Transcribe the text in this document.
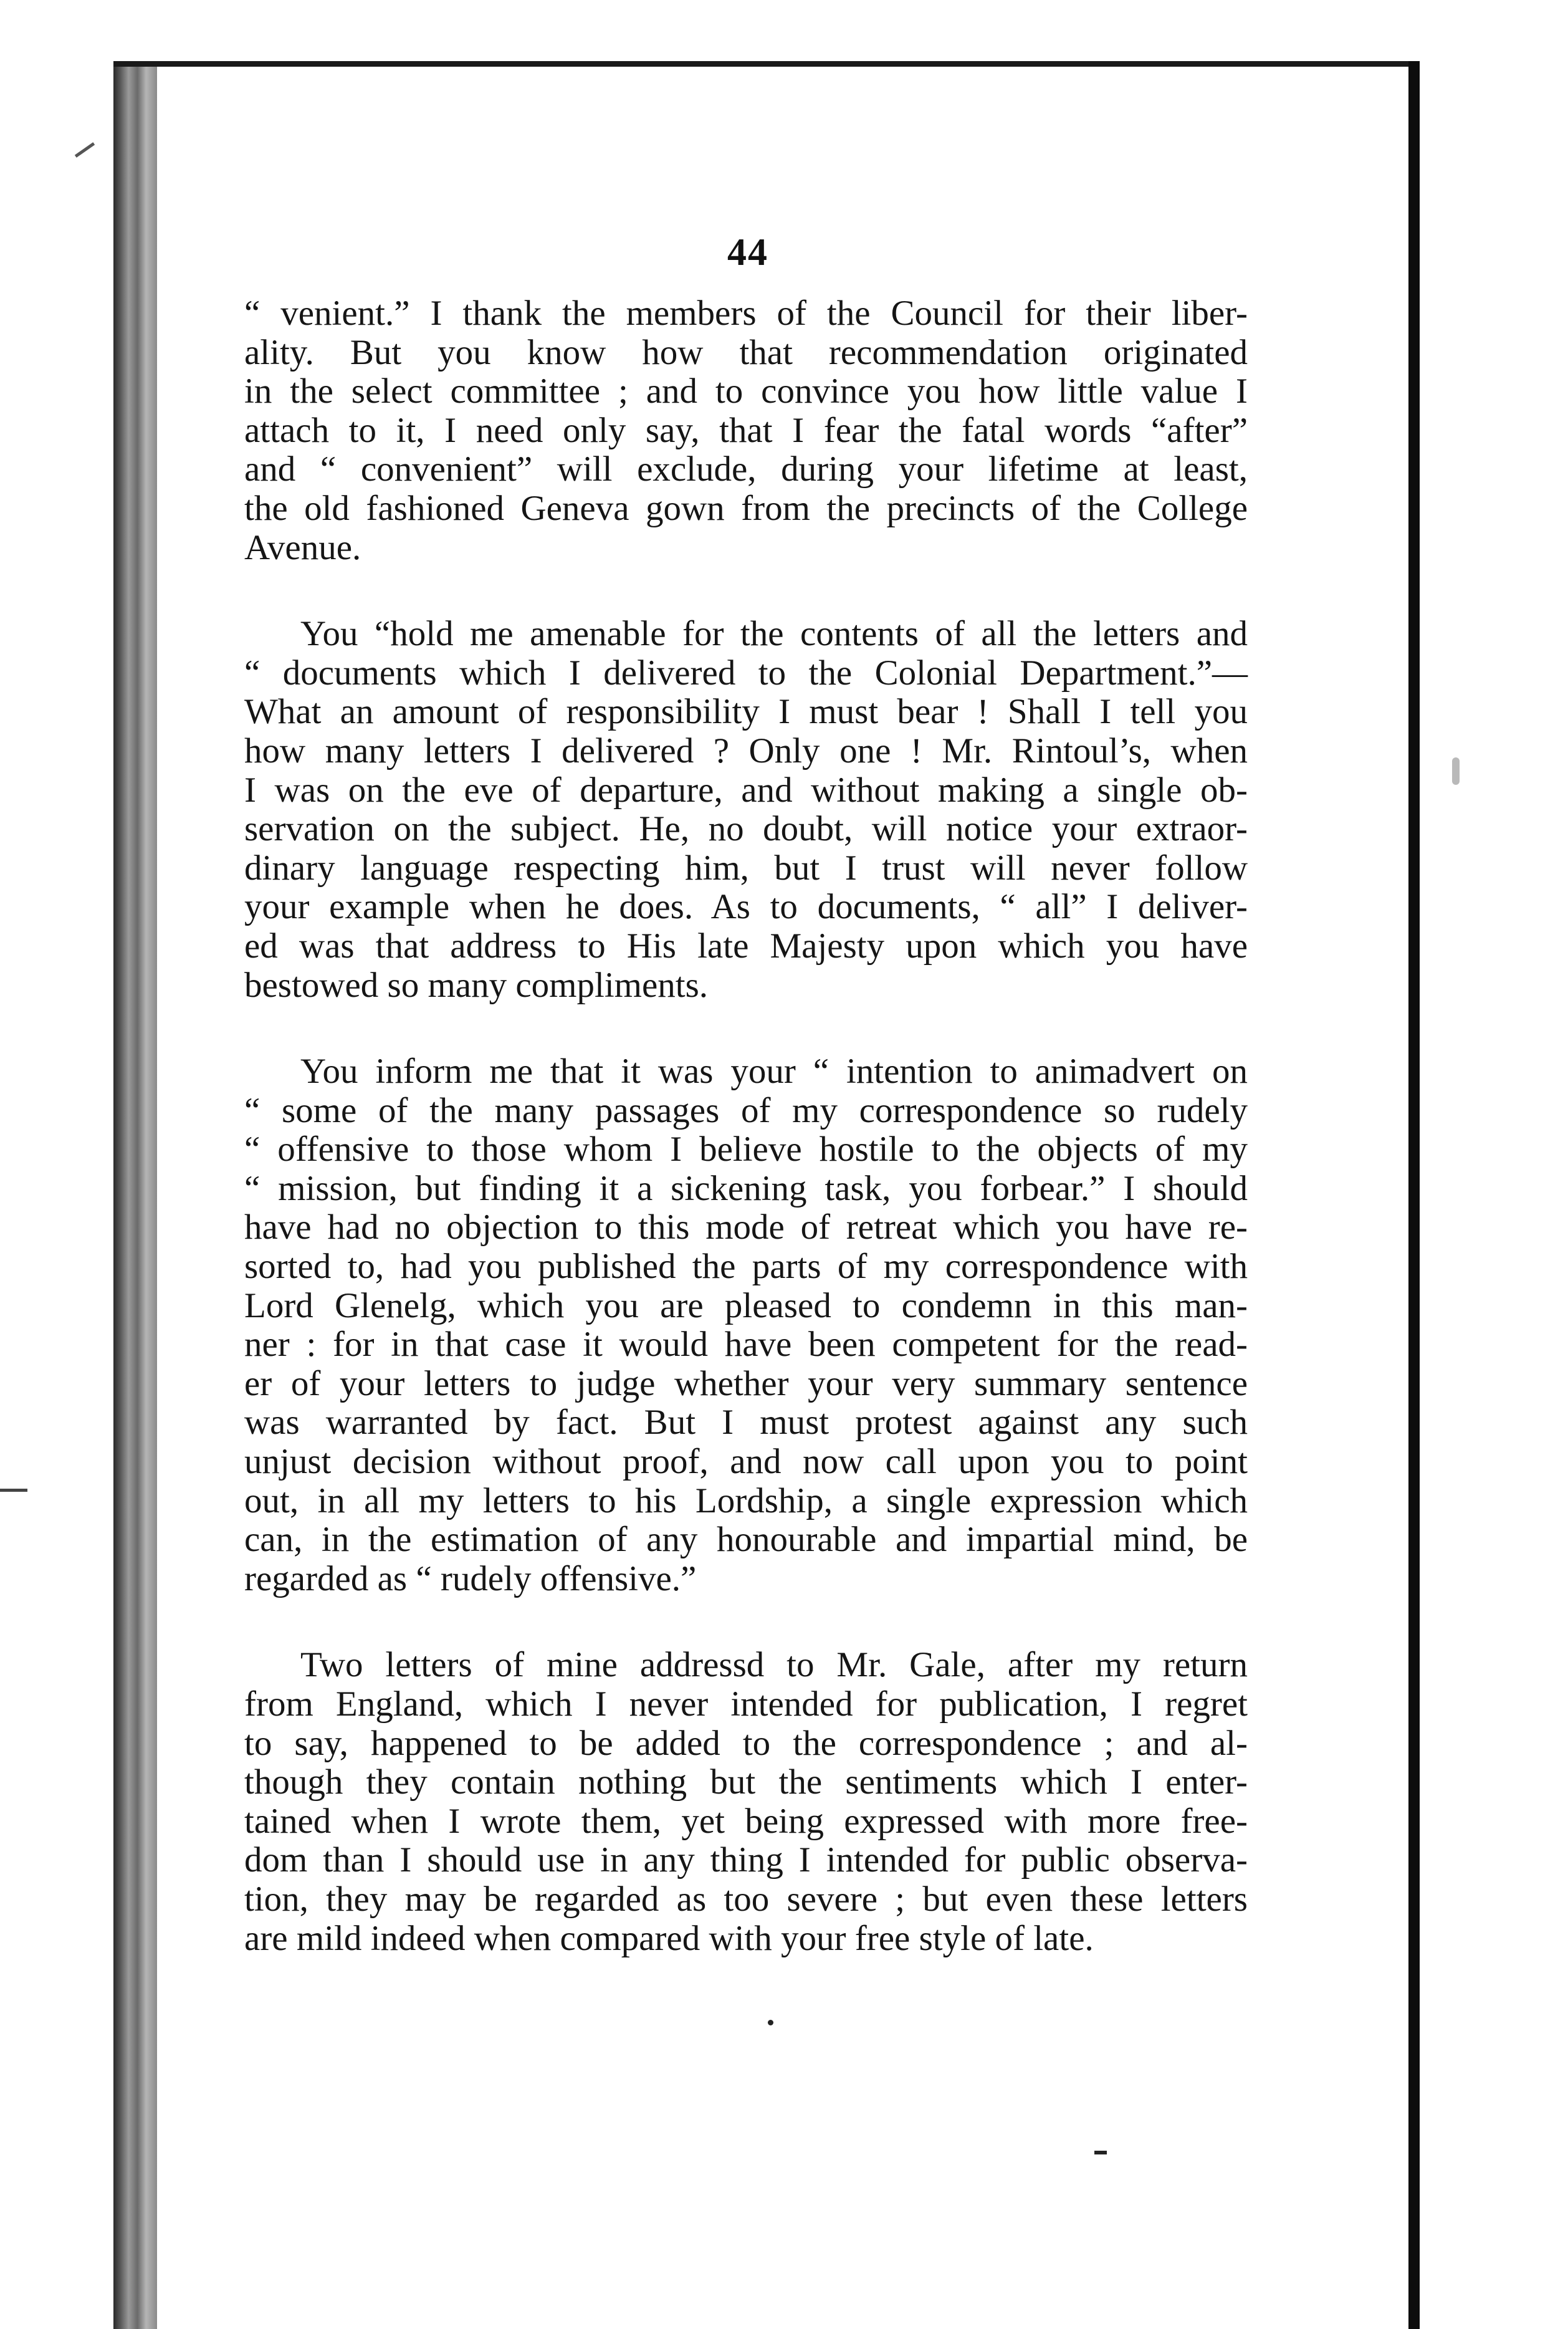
44
“ venient.” I thank the members of the Council for their liber-
ality. But you know how that recommendation originated
in the select committee ; and to convince you how little value I
attach to it, I need only say, that I fear the fatal words “after”
and “ convenient” will exclude, during your lifetime at least,
the old fashioned Geneva gown from the precincts of the College
Avenue.
You “hold me amenable for the contents of all the letters and
“ documents which I delivered to the Colonial Department.”—
What an amount of responsibility I must bear ! Shall I tell you
how many letters I delivered ? Only one ! Mr. Rintoul’s, when
I was on the eve of departure, and without making a single ob-
servation on the subject. He, no doubt, will notice your extraor-
dinary language respecting him, but I trust will never follow
your example when he does. As to documents, “ all” I deliver-
ed was that address to His late Majesty upon which you have
bestowed so many compliments.
You inform me that it was your “ intention to animadvert on
“ some of the many passages of my correspondence so rudely
“ offensive to those whom I believe hostile to the objects of my
“ mission, but finding it a sickening task, you forbear.” I should
have had no objection to this mode of retreat which you have re-
sorted to, had you published the parts of my correspondence with
Lord Glenelg, which you are pleased to condemn in this man-
ner : for in that case it would have been competent for the read-
er of your letters to judge whether your very summary sentence
was warranted by fact. But I must protest against any such
unjust decision without proof, and now call upon you to point
out, in all my letters to his Lordship, a single expression which
can, in the estimation of any honourable and impartial mind, be
regarded as “ rudely offensive.”
Two letters of mine addressd to Mr. Gale, after my return
from England, which I never intended for publication, I regret
to say, happened to be added to the correspondence ; and al-
though they contain nothing but the sentiments which I enter-
tained when I wrote them, yet being expressed with more free-
dom than I should use in any thing I intended for public observa-
tion, they may be regarded as too severe ; but even these letters
are mild indeed when compared with your free style of late.
